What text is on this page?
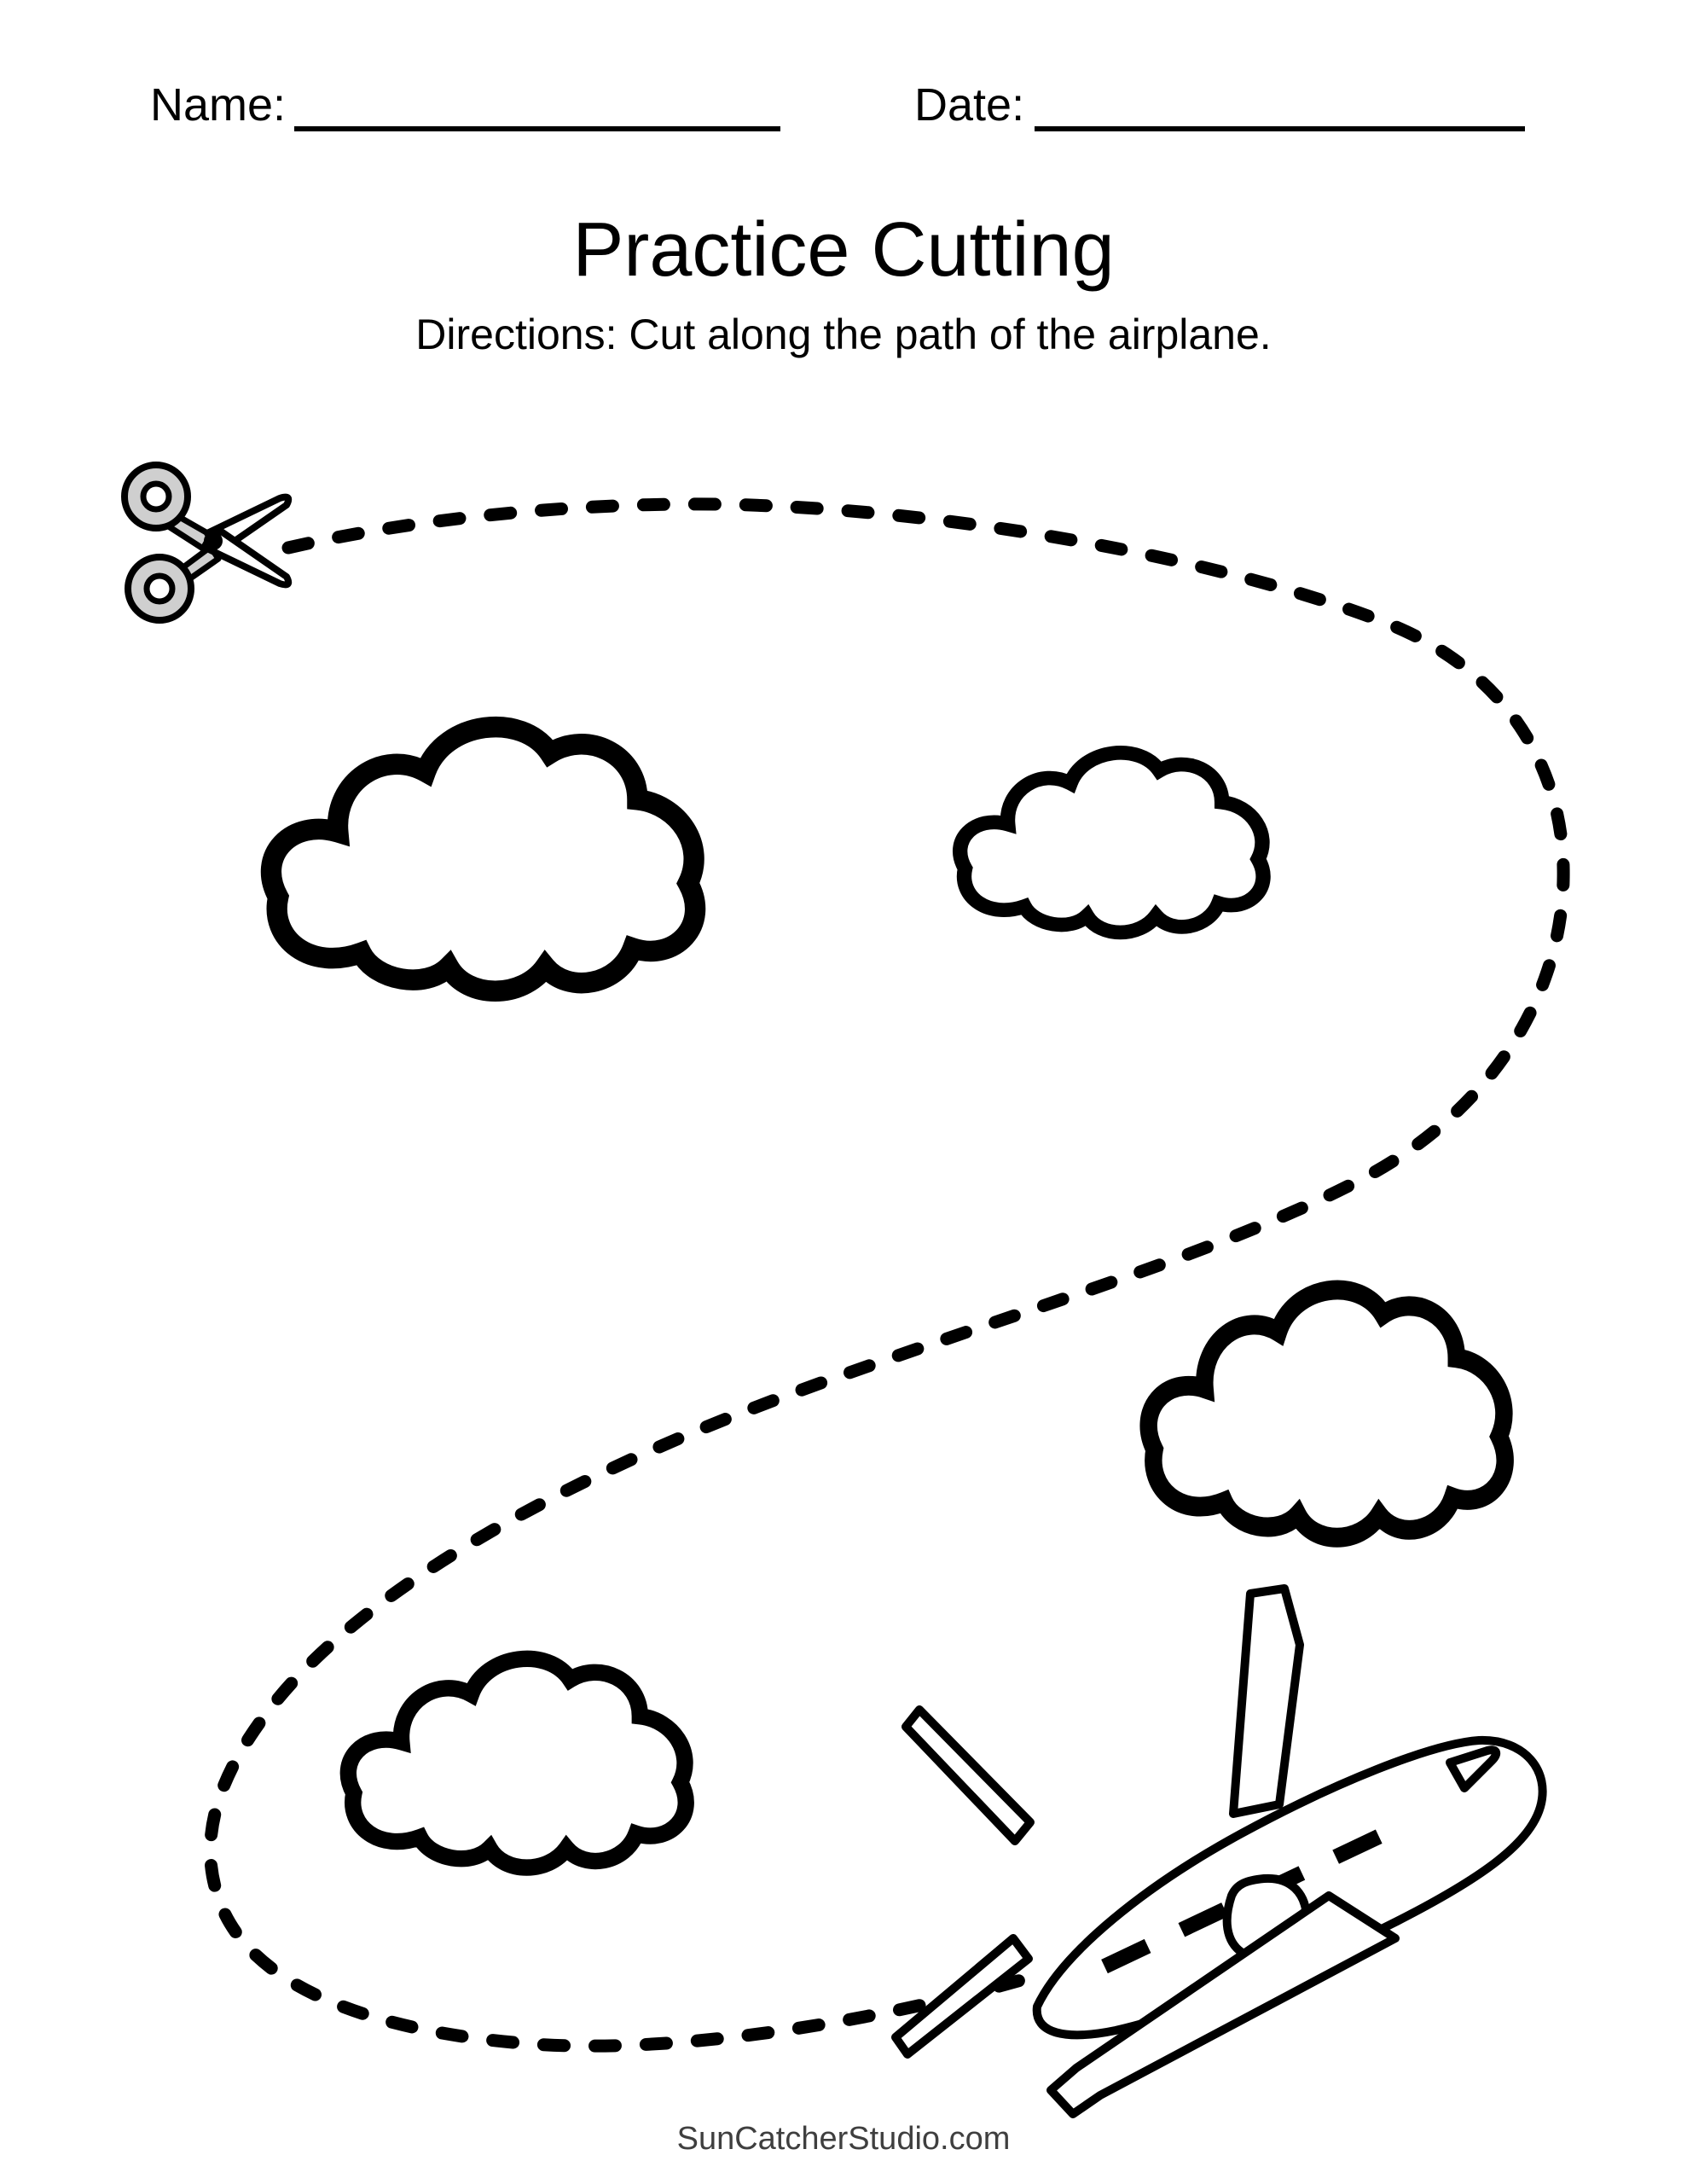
Name:	Date:
Practice Cutting

Directions: Cut along the path of the airplane.

SunCatcherStudio.com
